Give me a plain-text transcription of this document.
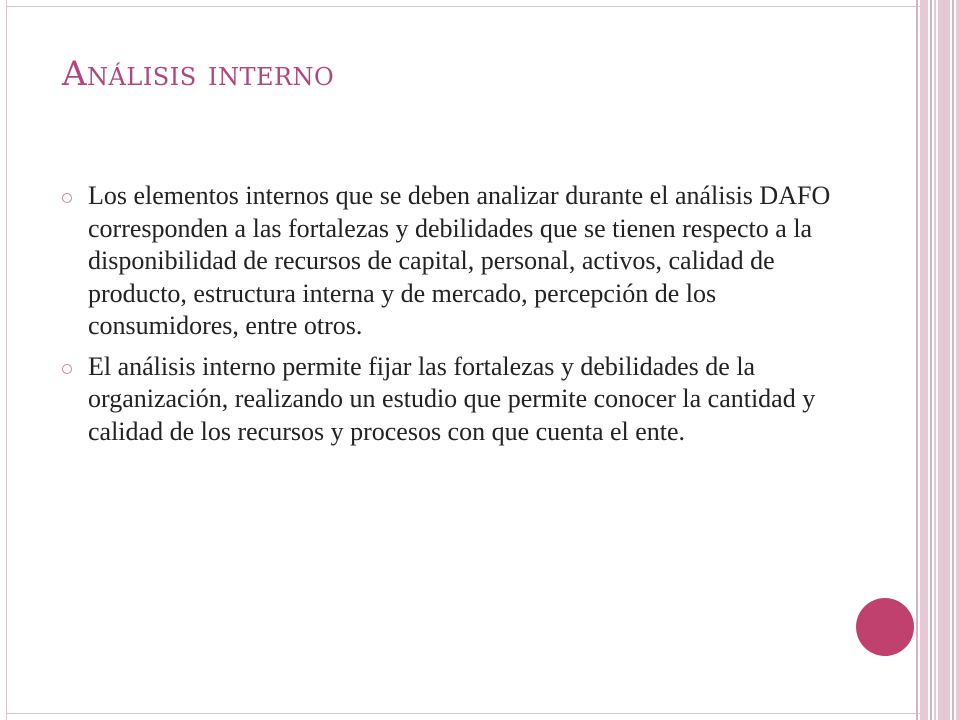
Análisis interno
Los elementos internos que se deben analizar durante el análisis DAFO corresponden a las fortalezas y debilidades que se tienen respecto a la disponibilidad de recursos de capital, personal, activos, calidad de producto, estructura interna y de mercado, percepción de los consumidores, entre otros.
El análisis interno permite fijar las fortalezas y debilidades de la organización, realizando un estudio que permite conocer la cantidad y calidad de los recursos y procesos con que cuenta el ente.
